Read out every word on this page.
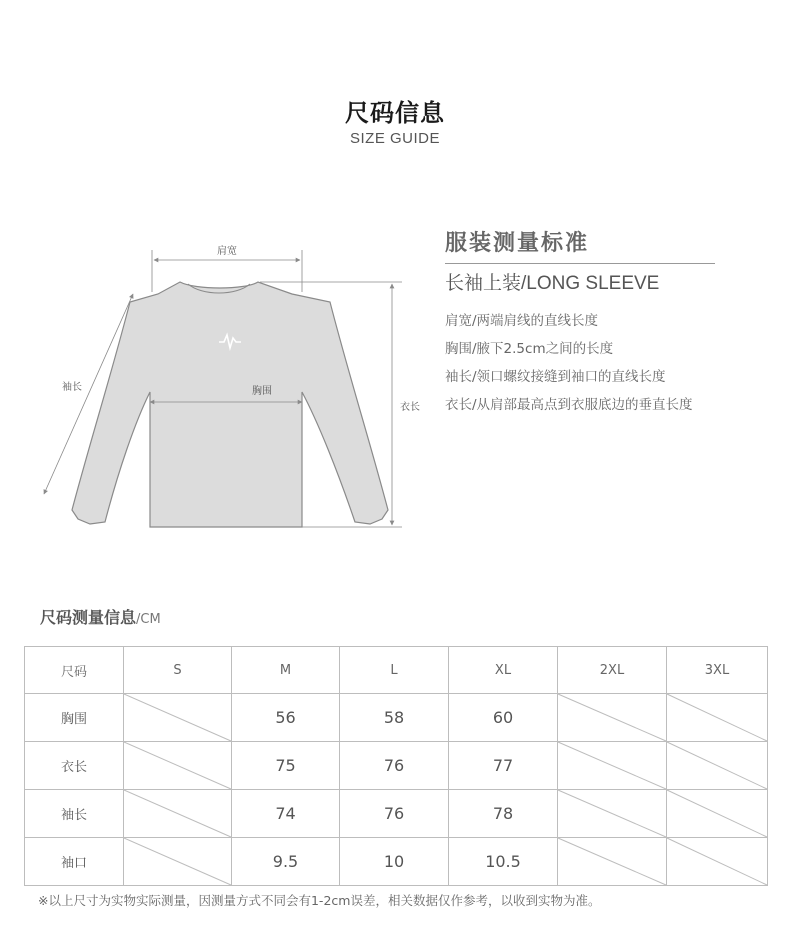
尺码信息
SIZE GUIDE
肩宽
胸围
衣长
袖长
服装测量标准
长袖上装/LONG SLEEVE
肩宽/两端肩线的直线长度
胸围/腋下2.5cm之间的长度
袖长/领口螺纹接缝到袖口的直线长度
衣长/从肩部最高点到衣服底边的垂直长度
尺码测量信息/CM
尺码	S	M	L	XL	2XL	3XL
胸围		56	58	60	

衣长		75	76	77	

袖长		74	76	78	

袖口		9.5	10	10.5	

※以上尺寸为实物实际测量，因测量方式不同会有1-2cm误差，相关数据仅作参考，以收到实物为准。
